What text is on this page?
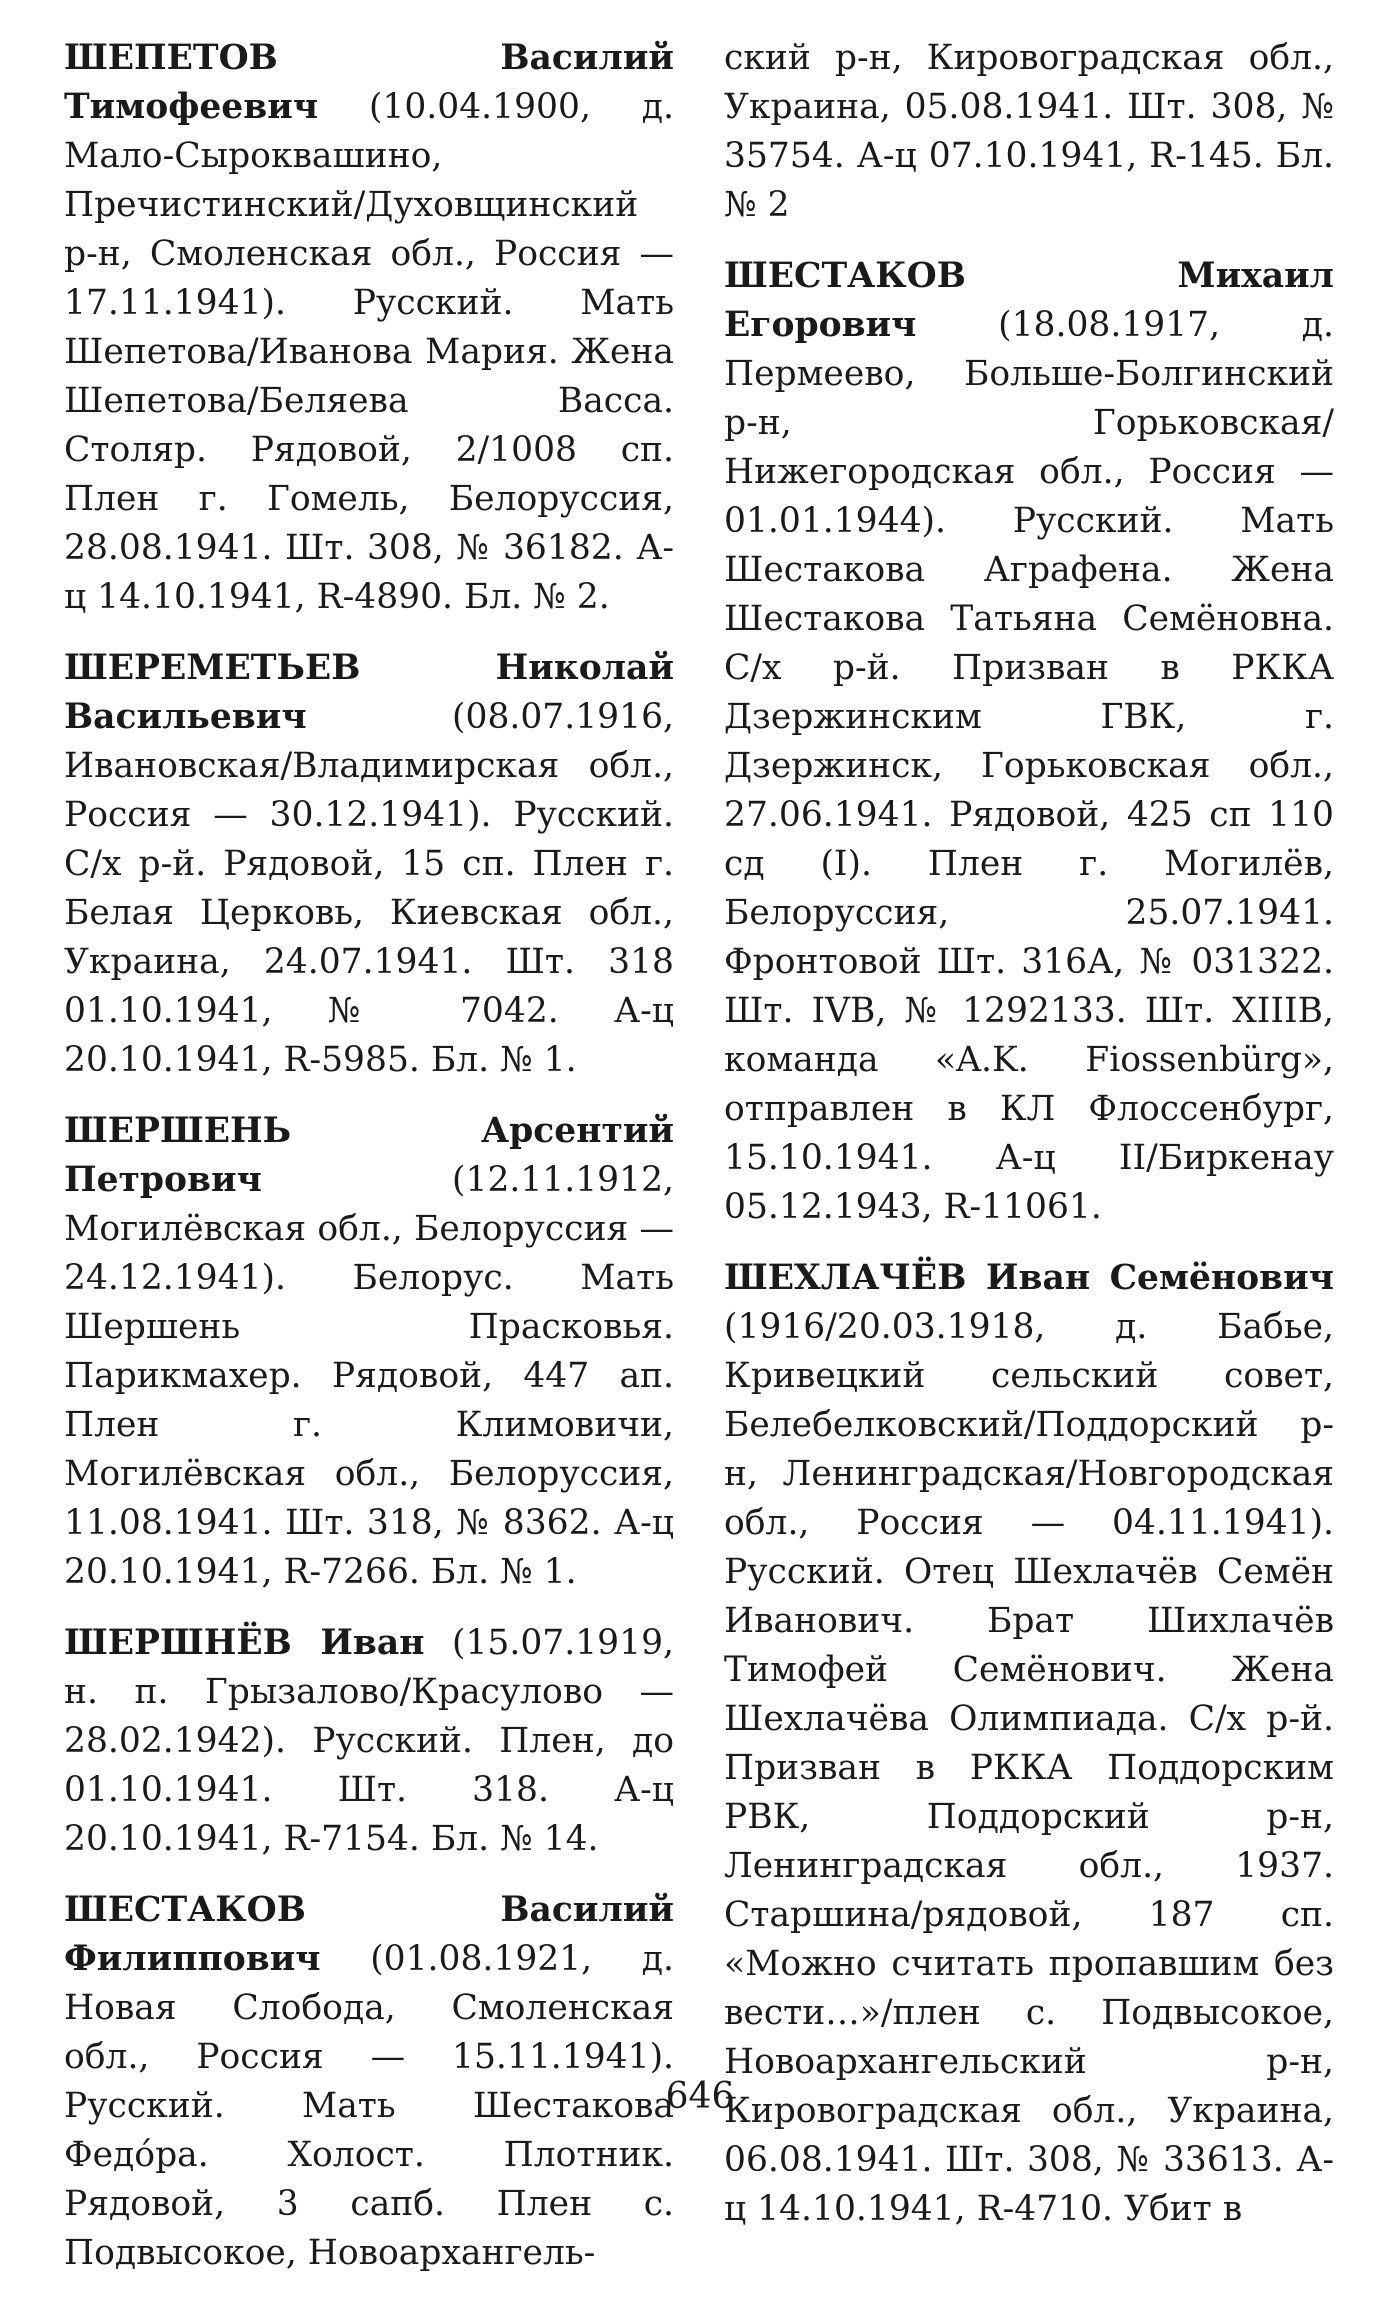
ШЕПЕТОВ Василий Тимофеевич (10.04.1900, д. Мало-Сыроквашино, Пречистинский/Духовщинский р-н, Смоленская обл., Россия — 17.11.1941). Русский. Мать Шепетова/Иванова Мария. Жена Шепетова/Беляева Васса. Столяр. Рядовой, 2/1008 сп. Плен г. Гомель, Белоруссия, 28.08.1941. Шт. 308, № 36182. А-ц 14.10.1941, R-4890. Бл. № 2.

ШЕРЕМЕТЬЕВ Николай Васильевич (08.07.1916, Ивановская/Владимирская обл., Россия — 30.12.1941). Русский. С/х р-й. Рядовой, 15 сп. Плен г. Белая Церковь, Киевская обл., Украина, 24.07.1941. Шт. 318 01.10.1941, № 7042. А-ц 20.10.1941, R-5985. Бл. № 1.

ШЕРШЕНЬ Арсентий Петрович (12.11.1912, Могилёвская обл., Белоруссия — 24.12.1941). Белорус. Мать Шершень Прасковья. Парикмахер. Рядовой, 447 ап. Плен г. Климовичи, Могилёвская обл., Белоруссия, 11.08.1941. Шт. 318, № 8362. А-ц 20.10.1941, R-7266. Бл. № 1.

ШЕРШНЁВ Иван (15.07.1919, н. п. Грызалово/Красулово — 28.02.1942). Русский. Плен, до 01.10.1941. Шт. 318. А-ц 20.10.1941, R-7154. Бл. № 14.

ШЕСТАКОВ Василий Филиппович (01.08.1921, д. Новая Слобода, Смоленская обл., Россия — 15.11.1941). Русский. Мать Шестакова Федóра. Холост. Плотник. Рядовой, 3 сапб. Плен с. Подвысокое, Новоархангель-

ский р-н, Кировоградская обл., Украина, 05.08.1941. Шт. 308, № 35754. А-ц 07.10.1941, R-145. Бл. № 2

ШЕСТАКОВ Михаил Егорович (18.08.1917, д. Пермеево, Больше-Болгинский р-н, Горьковская/Нижегородская обл., Россия — 01.01.1944). Русский. Мать Шестакова Аграфена. Жена Шестакова Татьяна Семёновна. С/х р-й. Призван в РККА Дзержинским ГВК, г. Дзержинск, Горьковская обл., 27.06.1941. Рядовой, 425 сп 110 сд (I). Плен г. Могилёв, Белоруссия, 25.07.1941. Фронтовой Шт. 316А, № 031322. Шт. IVB, № 1292133. Шт. XIIIB, команда «A.K. Fiossenbürg», отправлен в КЛ Флоссенбург, 15.10.1941. А-ц II/Биркенау 05.12.1943, R-11061.

ШЕХЛАЧЁВ Иван Семёнович (1916/20.03.1918, д. Бабье, Кривецкий сельский совет, Белебелковский/Поддорский р-н, Ленинградская/Новгородская обл., Россия — 04.11.1941). Русский. Отец Шехлачёв Семён Иванович. Брат Шихлачёв Тимофей Семёнович. Жена Шехлачёва Олимпиада. С/х р-й. Призван в РККА Поддорским РВК, Поддорский р-н, Ленинградская обл., 1937. Старшина/рядовой, 187 сп. «Можно считать пропавшим без вести…»/плен с. Подвысокое, Новоархангельский р-н, Кировоградская обл., Украина, 06.08.1941. Шт. 308, № 33613. А-ц 14.10.1941, R-4710. Убит в

646
